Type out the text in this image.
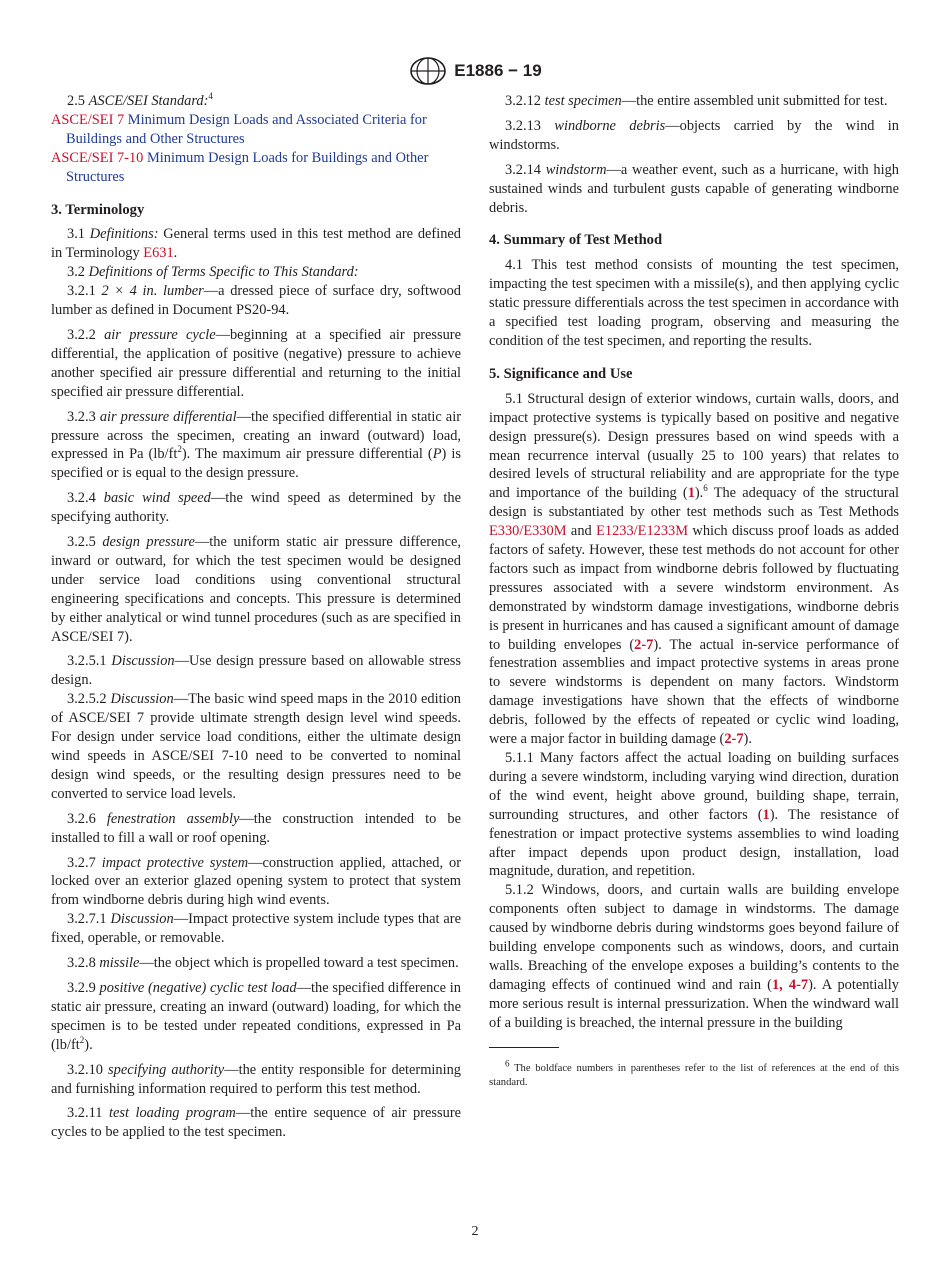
E1886 − 19

2.5 ASCE/SEI Standard:$^4$

ASCE/SEI 7 Minimum Design Loads and Associated Criteria for Buildings and Other Structures

ASCE/SEI 7-10 Minimum Design Loads for Buildings and Other Structures

3. Terminology

3.1 Definitions: General terms used in this test method are defined in Terminology E631.

3.2 Definitions of Terms Specific to This Standard:

3.2.1 2 × 4 in. lumber—a dressed piece of surface dry, softwood lumber as defined in Document PS20-94.

3.2.2 air pressure cycle—beginning at a specified air pressure differential, the application of positive (negative) pressure to achieve another specified air pressure differential and returning to the initial specified air pressure differential.

3.2.3 air pressure differential—the specified differential in static air pressure across the specimen, creating an inward (outward) load, expressed in Pa $(lb/ft^2)$. The maximum air pressure differential (P) is specified or is equal to the design pressure.

3.2.4 basic wind speed—the wind speed as determined by the specifying authority.

3.2.5 design pressure—the uniform static air pressure difference, inward or outward, for which the test specimen would be designed under service load conditions using conventional structural engineering specifications and concepts. This pressure is determined by either analytical or wind tunnel procedures (such as are specified in ASCE/SEI 7).

3.2.5.1 Discussion—Use design pressure based on allowable stress design.

3.2.5.2 Discussion—The basic wind speed maps in the 2010 edition of ASCE/SEI 7 provide ultimate strength design level wind speeds. For design under service load conditions, either the ultimate design wind speeds in ASCE/SEI 7-10 need to be converted to nominal design wind speeds, or the resulting design pressures need to be converted to service load levels.

3.2.6 fenestration assembly—the construction intended to be installed to fill a wall or roof opening.

3.2.7 impact protective system—construction applied, attached, or locked over an exterior glazed opening system to protect that system from windborne debris during high wind events.

3.2.7.1 Discussion—Impact protective system include types that are fixed, operable, or removable.

3.2.8 missile—the object which is propelled toward a test specimen.

3.2.9 positive (negative) cyclic test load—the specified difference in static air pressure, creating an inward (outward) loading, for which the specimen is to be tested under repeated conditions, expressed in Pa $(lb/ft^2)$.

3.2.10 specifying authority—the entity responsible for determining and furnishing information required to perform this test method.

3.2.11 test loading program—the entire sequence of air pressure cycles to be applied to the test specimen.

3.2.12 test specimen—the entire assembled unit submitted for test.

3.2.13 windborne debris—objects carried by the wind in windstorms.

3.2.14 windstorm—a weather event, such as a hurricane, with high sustained winds and turbulent gusts capable of generating windborne debris.

4. Summary of Test Method

4.1 This test method consists of mounting the test specimen, impacting the test specimen with a missile(s), and then applying cyclic static pressure differentials across the test specimen in accordance with a specified test loading program, observing and measuring the condition of the test specimen, and reporting the results.

5. Significance and Use

5.1 Structural design of exterior windows, curtain walls, doors, and impact protective systems is typically based on positive and negative design pressure(s). Design pressures based on wind speeds with a mean recurrence interval (usually 25 to 100 years) that relates to desired levels of structural reliability and are appropriate for the type and importance of the building (1).$^6$ The adequacy of the structural design is substantiated by other test methods such as Test Methods E330/E330M and E1233/E1233M which discuss proof loads as added factors of safety. However, these test methods do not account for other factors such as impact from windborne debris followed by fluctuating pressures associated with a severe windstorm environment. As demonstrated by windstorm damage investigations, windborne debris is present in hurricanes and has caused a significant amount of damage to building envelopes (2-7). The actual in-service performance of fenestration assemblies and impact protective systems in areas prone to severe windstorms is dependent on many factors. Windstorm damage investigations have shown that the effects of windborne debris, followed by the effects of repeated or cyclic wind loading, were a major factor in building damage (2-7).

5.1.1 Many factors affect the actual loading on building surfaces during a severe windstorm, including varying wind direction, duration of the wind event, height above ground, building shape, terrain, surrounding structures, and other factors (1). The resistance of fenestration or impact protective systems assemblies to wind loading after impact depends upon product design, installation, load magnitude, duration, and repetition.

5.1.2 Windows, doors, and curtain walls are building envelope components often subject to damage in windstorms. The damage caused by windborne debris during windstorms goes beyond failure of building envelope components such as windows, doors, and curtain walls. Breaching of the envelope exposes a building’s contents to the damaging effects of continued wind and rain (1, 4-7). A potentially more serious result is internal pressurization. When the windward wall of a building is breached, the internal pressure in the building

$^6$ The boldface numbers in parentheses refer to the list of references at the end of this standard.

2
